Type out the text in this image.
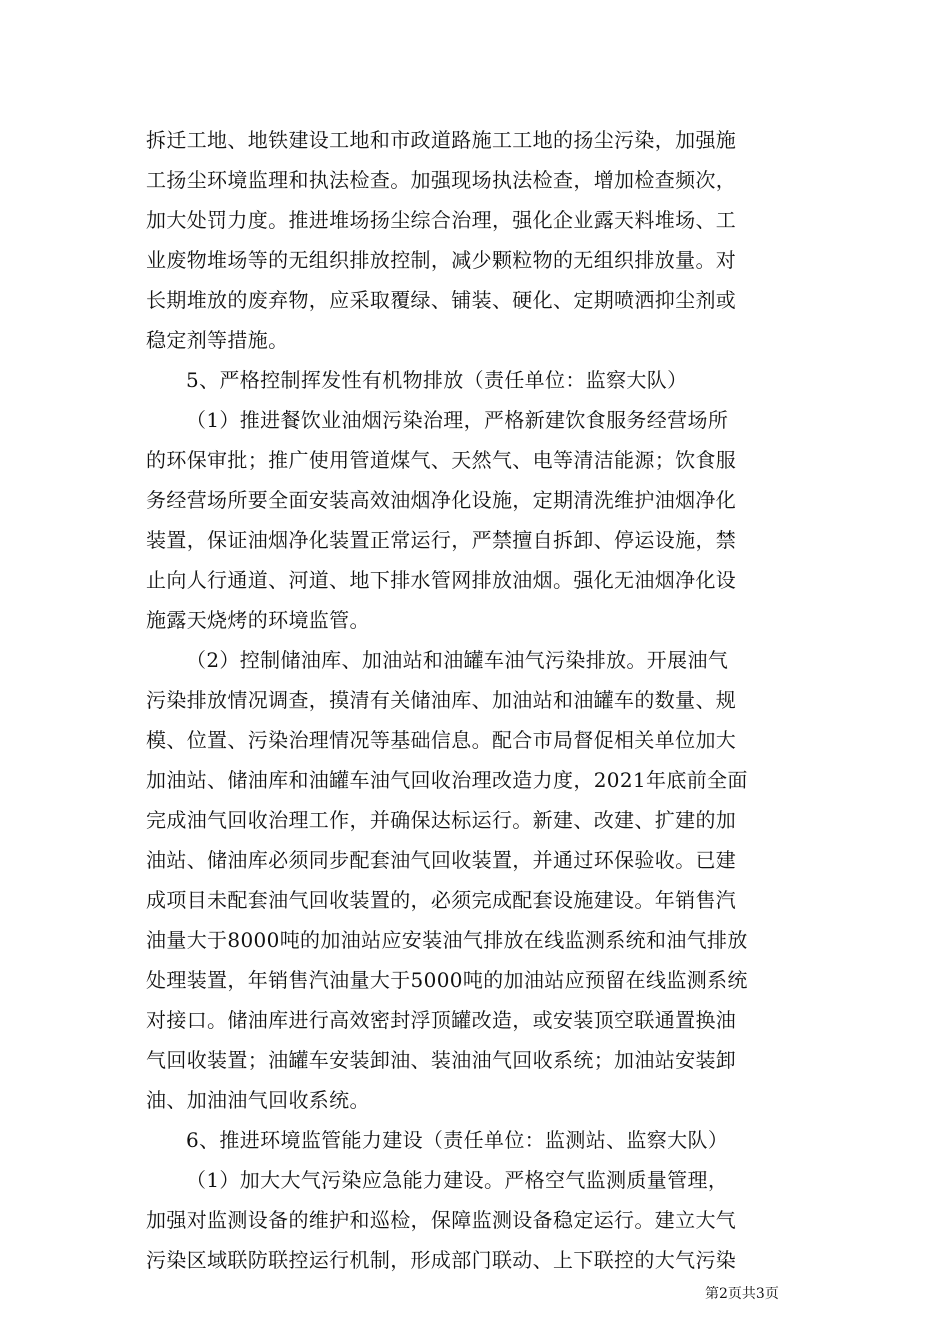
拆迁工地、地铁建设工地和市政道路施工工地的扬尘污染，加强施
工扬尘环境监理和执法检查。加强现场执法检查，增加检查频次，
加大处罚力度。推进堆场扬尘综合治理，强化企业露天料堆场、工
业废物堆场等的无组织排放控制，减少颗粒物的无组织排放量。对
长期堆放的废弃物，应采取覆绿、铺装、硬化、定期喷洒抑尘剂或
稳定剂等措施。
5、严格控制挥发性有机物排放（责任单位：监察大队）
（1）推进餐饮业油烟污染治理，严格新建饮食服务经营场所
的环保审批；推广使用管道煤气、天然气、电等清洁能源；饮食服
务经营场所要全面安装高效油烟净化设施，定期清洗维护油烟净化
装置，保证油烟净化装置正常运行，严禁擅自拆卸、停运设施，禁
止向人行通道、河道、地下排水管网排放油烟。强化无油烟净化设
施露天烧烤的环境监管。
（2）控制储油库、加油站和油罐车油气污染排放。开展油气
污染排放情况调查，摸清有关储油库、加油站和油罐车的数量、规
模、位置、污染治理情况等基础信息。配合市局督促相关单位加大
加油站、储油库和油罐车油气回收治理改造力度，2021年底前全面
完成油气回收治理工作，并确保达标运行。新建、改建、扩建的加
油站、储油库必须同步配套油气回收装置，并通过环保验收。已建
成项目未配套油气回收装置的，必须完成配套设施建设。年销售汽
油量大于8000吨的加油站应安装油气排放在线监测系统和油气排放
处理装置，年销售汽油量大于5000吨的加油站应预留在线监测系统
对接口。储油库进行高效密封浮顶罐改造，或安装顶空联通置换油
气回收装置；油罐车安装卸油、装油油气回收系统；加油站安装卸
油、加油油气回收系统。
6、推进环境监管能力建设（责任单位：监测站、监察大队）
（1）加大大气污染应急能力建设。严格空气监测质量管理，
加强对监测设备的维护和巡检，保障监测设备稳定运行。建立大气
污染区域联防联控运行机制，形成部门联动、上下联控的大气污染
第2页共3页
